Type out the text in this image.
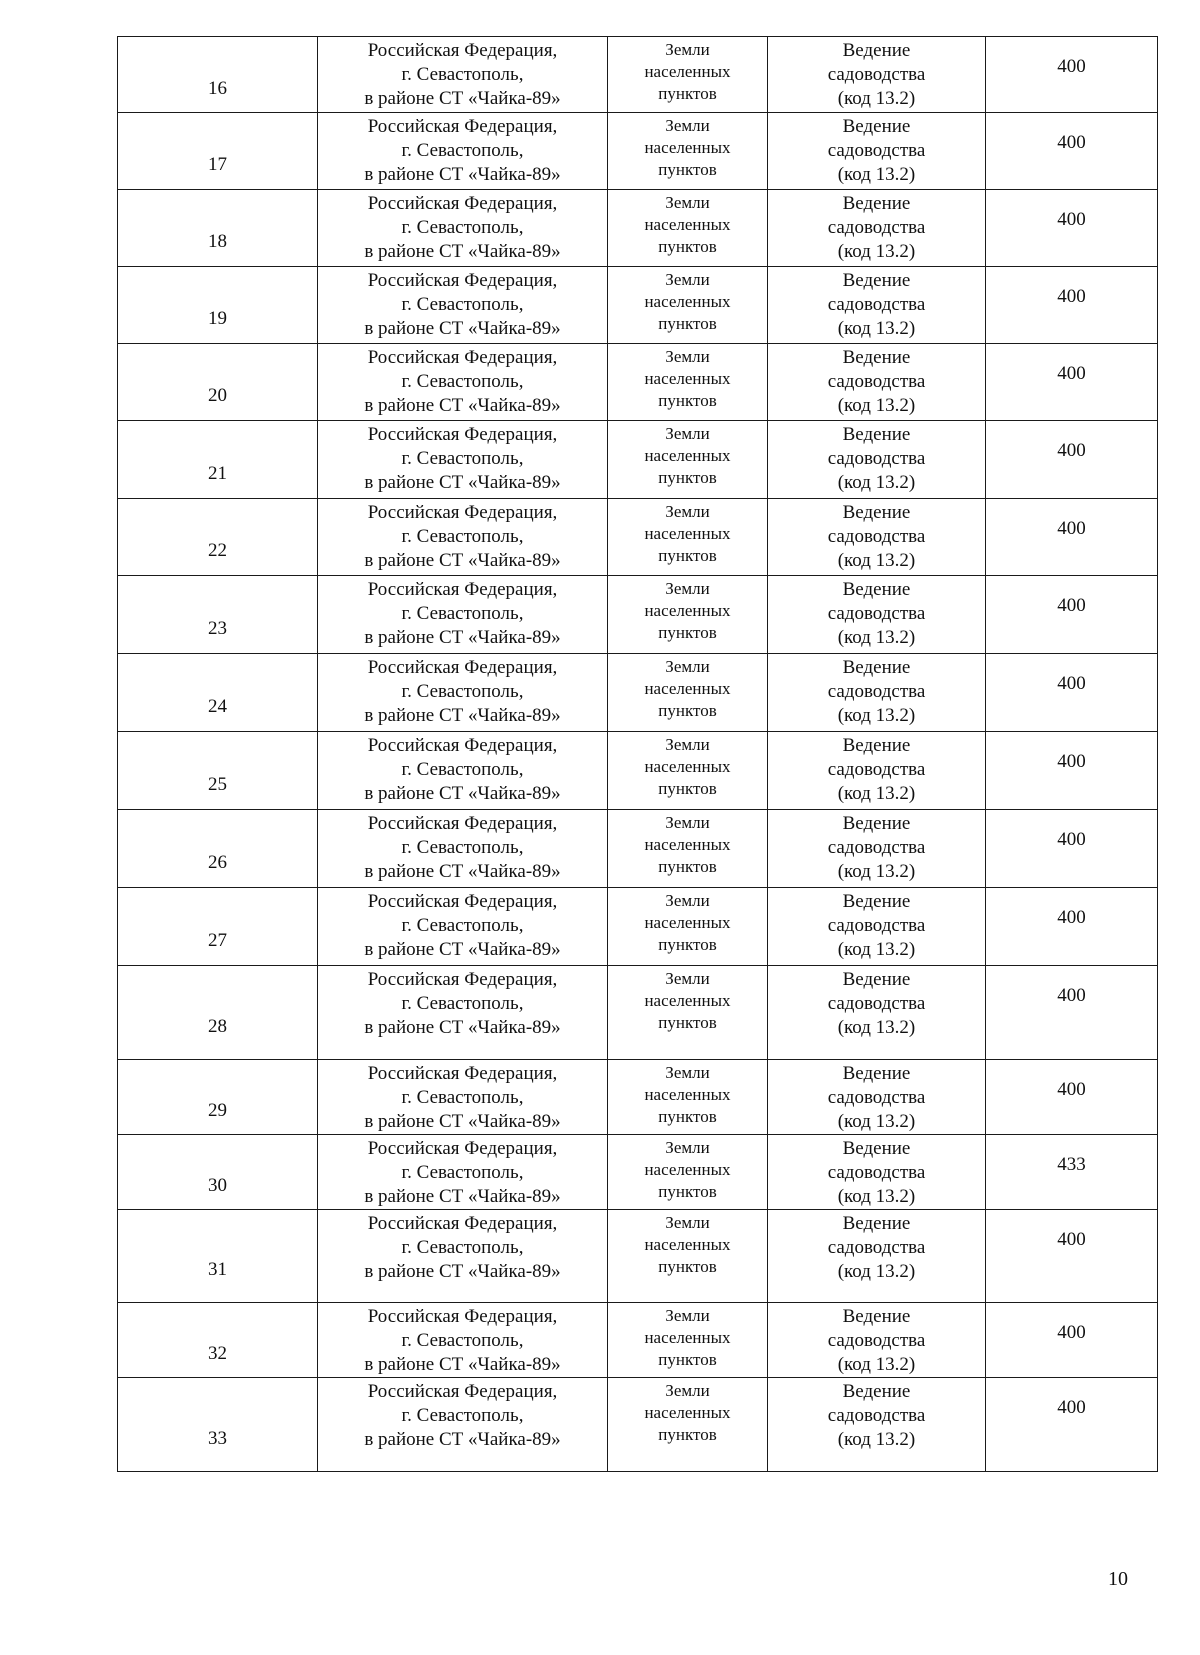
16	Российская Федерация,
г. Севастополь,
в районе СТ «Чайка-89»	Земли
населенных
пунктов	Ведение
садоводства
(код 13.2)	400

17	Российская Федерация,
г. Севастополь,
в районе СТ «Чайка-89»	Земли
населенных
пунктов	Ведение
садоводства
(код 13.2)	400

18	Российская Федерация,
г. Севастополь,
в районе СТ «Чайка-89»	Земли
населенных
пунктов	Ведение
садоводства
(код 13.2)	400

19	Российская Федерация,
г. Севастополь,
в районе СТ «Чайка-89»	Земли
населенных
пунктов	Ведение
садоводства
(код 13.2)	400

20	Российская Федерация,
г. Севастополь,
в районе СТ «Чайка-89»	Земли
населенных
пунктов	Ведение
садоводства
(код 13.2)	400

21	Российская Федерация,
г. Севастополь,
в районе СТ «Чайка-89»	Земли
населенных
пунктов	Ведение
садоводства
(код 13.2)	400

22	Российская Федерация,
г. Севастополь,
в районе СТ «Чайка-89»	Земли
населенных
пунктов	Ведение
садоводства
(код 13.2)	400

23	Российская Федерация,
г. Севастополь,
в районе СТ «Чайка-89»	Земли
населенных
пунктов	Ведение
садоводства
(код 13.2)	400

24	Российская Федерация,
г. Севастополь,
в районе СТ «Чайка-89»	Земли
населенных
пунктов	Ведение
садоводства
(код 13.2)	400

25	Российская Федерация,
г. Севастополь,
в районе СТ «Чайка-89»	Земли
населенных
пунктов	Ведение
садоводства
(код 13.2)	400

26	Российская Федерация,
г. Севастополь,
в районе СТ «Чайка-89»	Земли
населенных
пунктов	Ведение
садоводства
(код 13.2)	400

27	Российская Федерация,
г. Севастополь,
в районе СТ «Чайка-89»	Земли
населенных
пунктов	Ведение
садоводства
(код 13.2)	400

28	Российская Федерация,
г. Севастополь,
в районе СТ «Чайка-89»	Земли
населенных
пунктов	Ведение
садоводства
(код 13.2)	400

29	Российская Федерация,
г. Севастополь,
в районе СТ «Чайка-89»	Земли
населенных
пунктов	Ведение
садоводства
(код 13.2)	400

30	Российская Федерация,
г. Севастополь,
в районе СТ «Чайка-89»	Земли
населенных
пунктов	Ведение
садоводства
(код 13.2)	433

31	Российская Федерация,
г. Севастополь,
в районе СТ «Чайка-89»	Земли
населенных
пунктов	Ведение
садоводства
(код 13.2)	400

32	Российская Федерация,
г. Севастополь,
в районе СТ «Чайка-89»	Земли
населенных
пунктов	Ведение
садоводства
(код 13.2)	400

33	Российская Федерация,
г. Севастополь,
в районе СТ «Чайка-89»	Земли
населенных
пунктов	Ведение
садоводства
(код 13.2)	400
10
